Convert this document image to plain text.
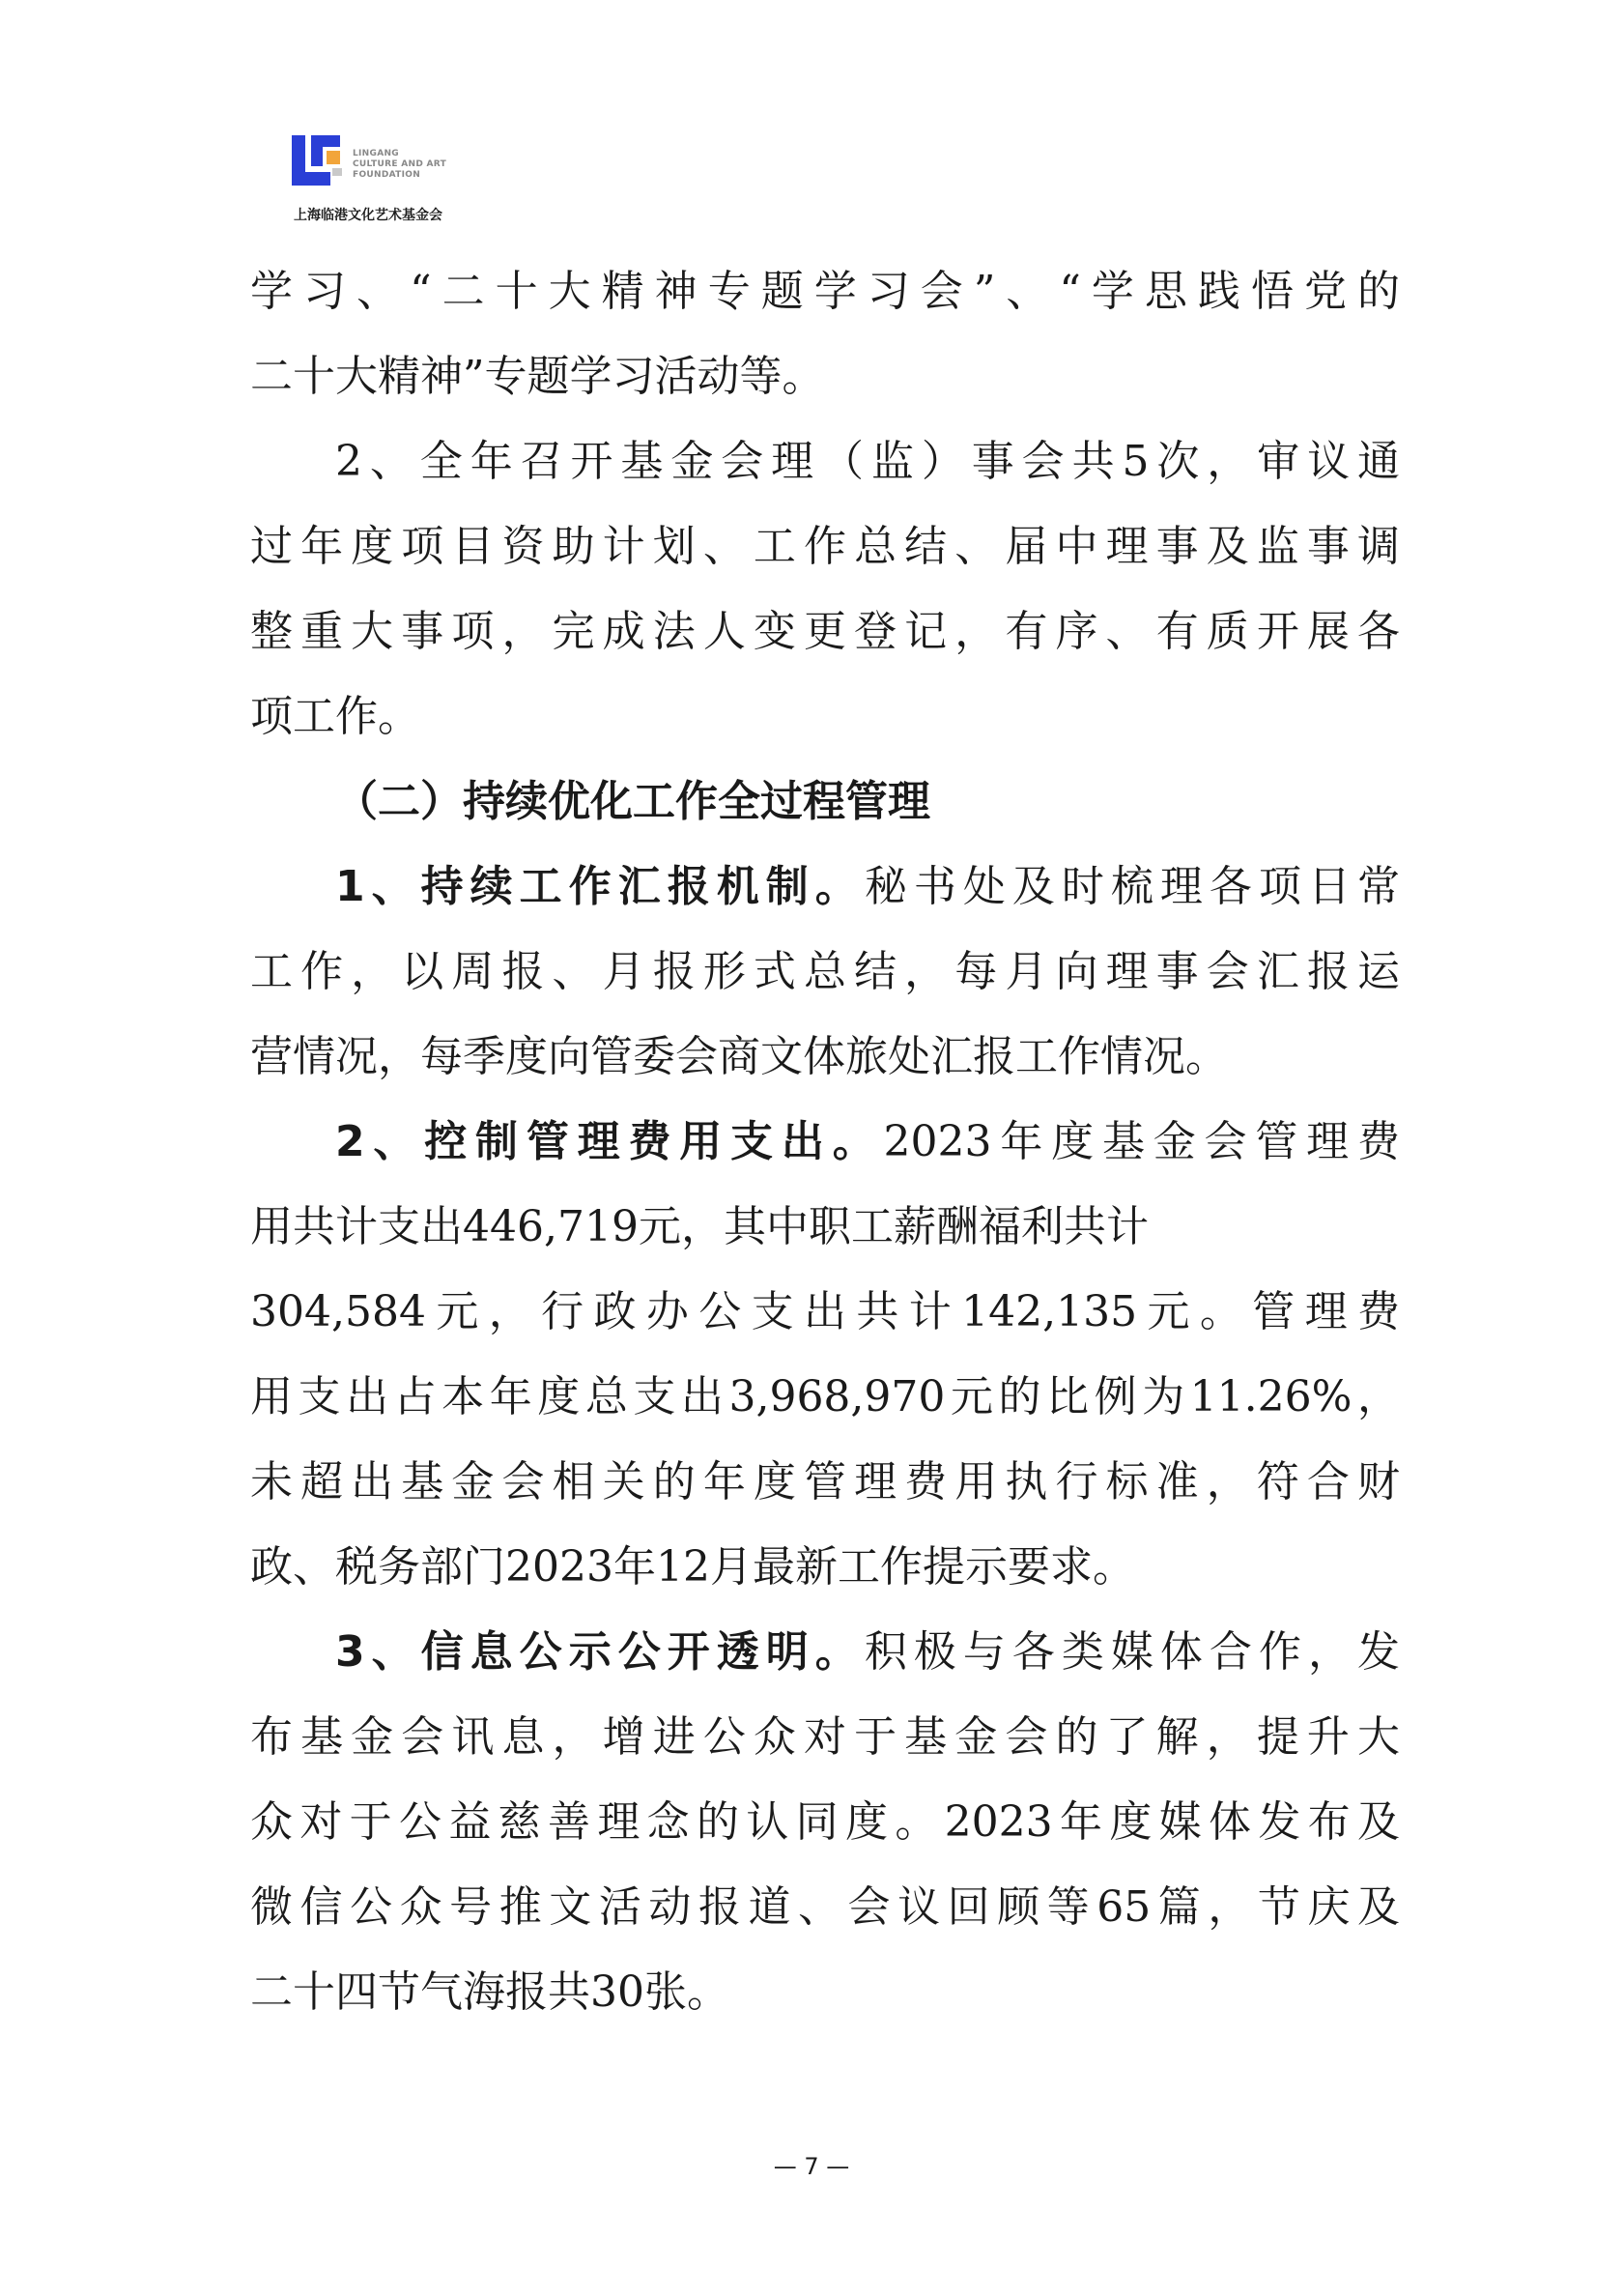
LINGANG
CULTURE AND ART
FOUNDATION
上海临港文化艺术基金会
学习、“二十大精神专题学习会”、“学思践悟党的
二十大精神”专题学习活动等。
2、全年召开基金会理（监）事会共5次，审议通
过年度项目资助计划、工作总结、届中理事及监事调
整重大事项，完成法人变更登记，有序、有质开展各
项工作。
（二）持续优化工作全过程管理
1、持续工作汇报机制。秘书处及时梳理各项日常
工作，以周报、月报形式总结，每月向理事会汇报运
营情况，每季度向管委会商文体旅处汇报工作情况。
2、控制管理费用支出。2023年度基金会管理费
用共计支出446,719元，其中职工薪酬福利共计
304,584元，行政办公支出共计142,135元。管理费
用支出占本年度总支出3,968,970元的比例为11.26%，
未超出基金会相关的年度管理费用执行标准，符合财
政、税务部门2023年12月最新工作提示要求。
3、信息公示公开透明。积极与各类媒体合作，发
布基金会讯息，增进公众对于基金会的了解，提升大
众对于公益慈善理念的认同度。2023年度媒体发布及
微信公众号推文活动报道、会议回顾等65篇，节庆及
二十四节气海报共30张。
— 7 —
